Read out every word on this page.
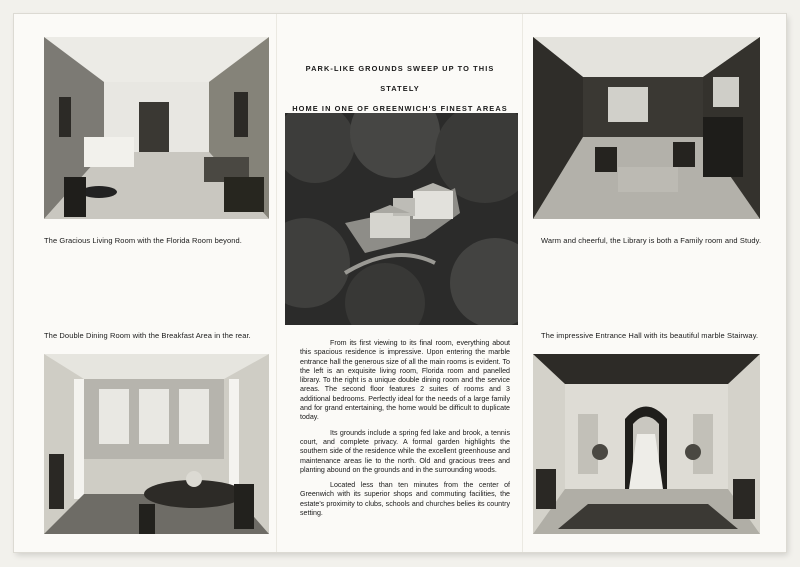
PARK-LIKE GROUNDS SWEEP UP TO THIS STATELY
HOME IN ONE OF GREENWICH'S FINEST AREAS
The Gracious Living Room with the Florida Room beyond.	Warm and cheerful, the Library is both a Family room and Study.
The Double Dining Room with the Breakfast Area in the rear.	The impressive Entrance Hall with its beautiful marble Stairway.

From its first viewing to its final room, everything about this spacious residence is impressive. Upon entering the marble entrance hall the generous size of all the main rooms is evident. To the left is an exquisite living room, Florida room and panelled library. To the right is a unique double dining room and the service areas. The second floor features 2 suites of rooms and 3 additional bedrooms. Perfectly ideal for the needs of a large family and for grand entertaining, the home would be difficult to duplicate today.

Its grounds include a spring fed lake and brook, a tennis court, and complete privacy. A formal garden highlights the southern side of the residence while the excellent greenhouse and maintenance areas lie to the north. Old and gracious trees and planting abound on the grounds and in the surrounding woods.

Located less than ten minutes from the center of Greenwich with its superior shops and commuting facilities, the estate's proximity to clubs, schools and churches belies its country setting.
